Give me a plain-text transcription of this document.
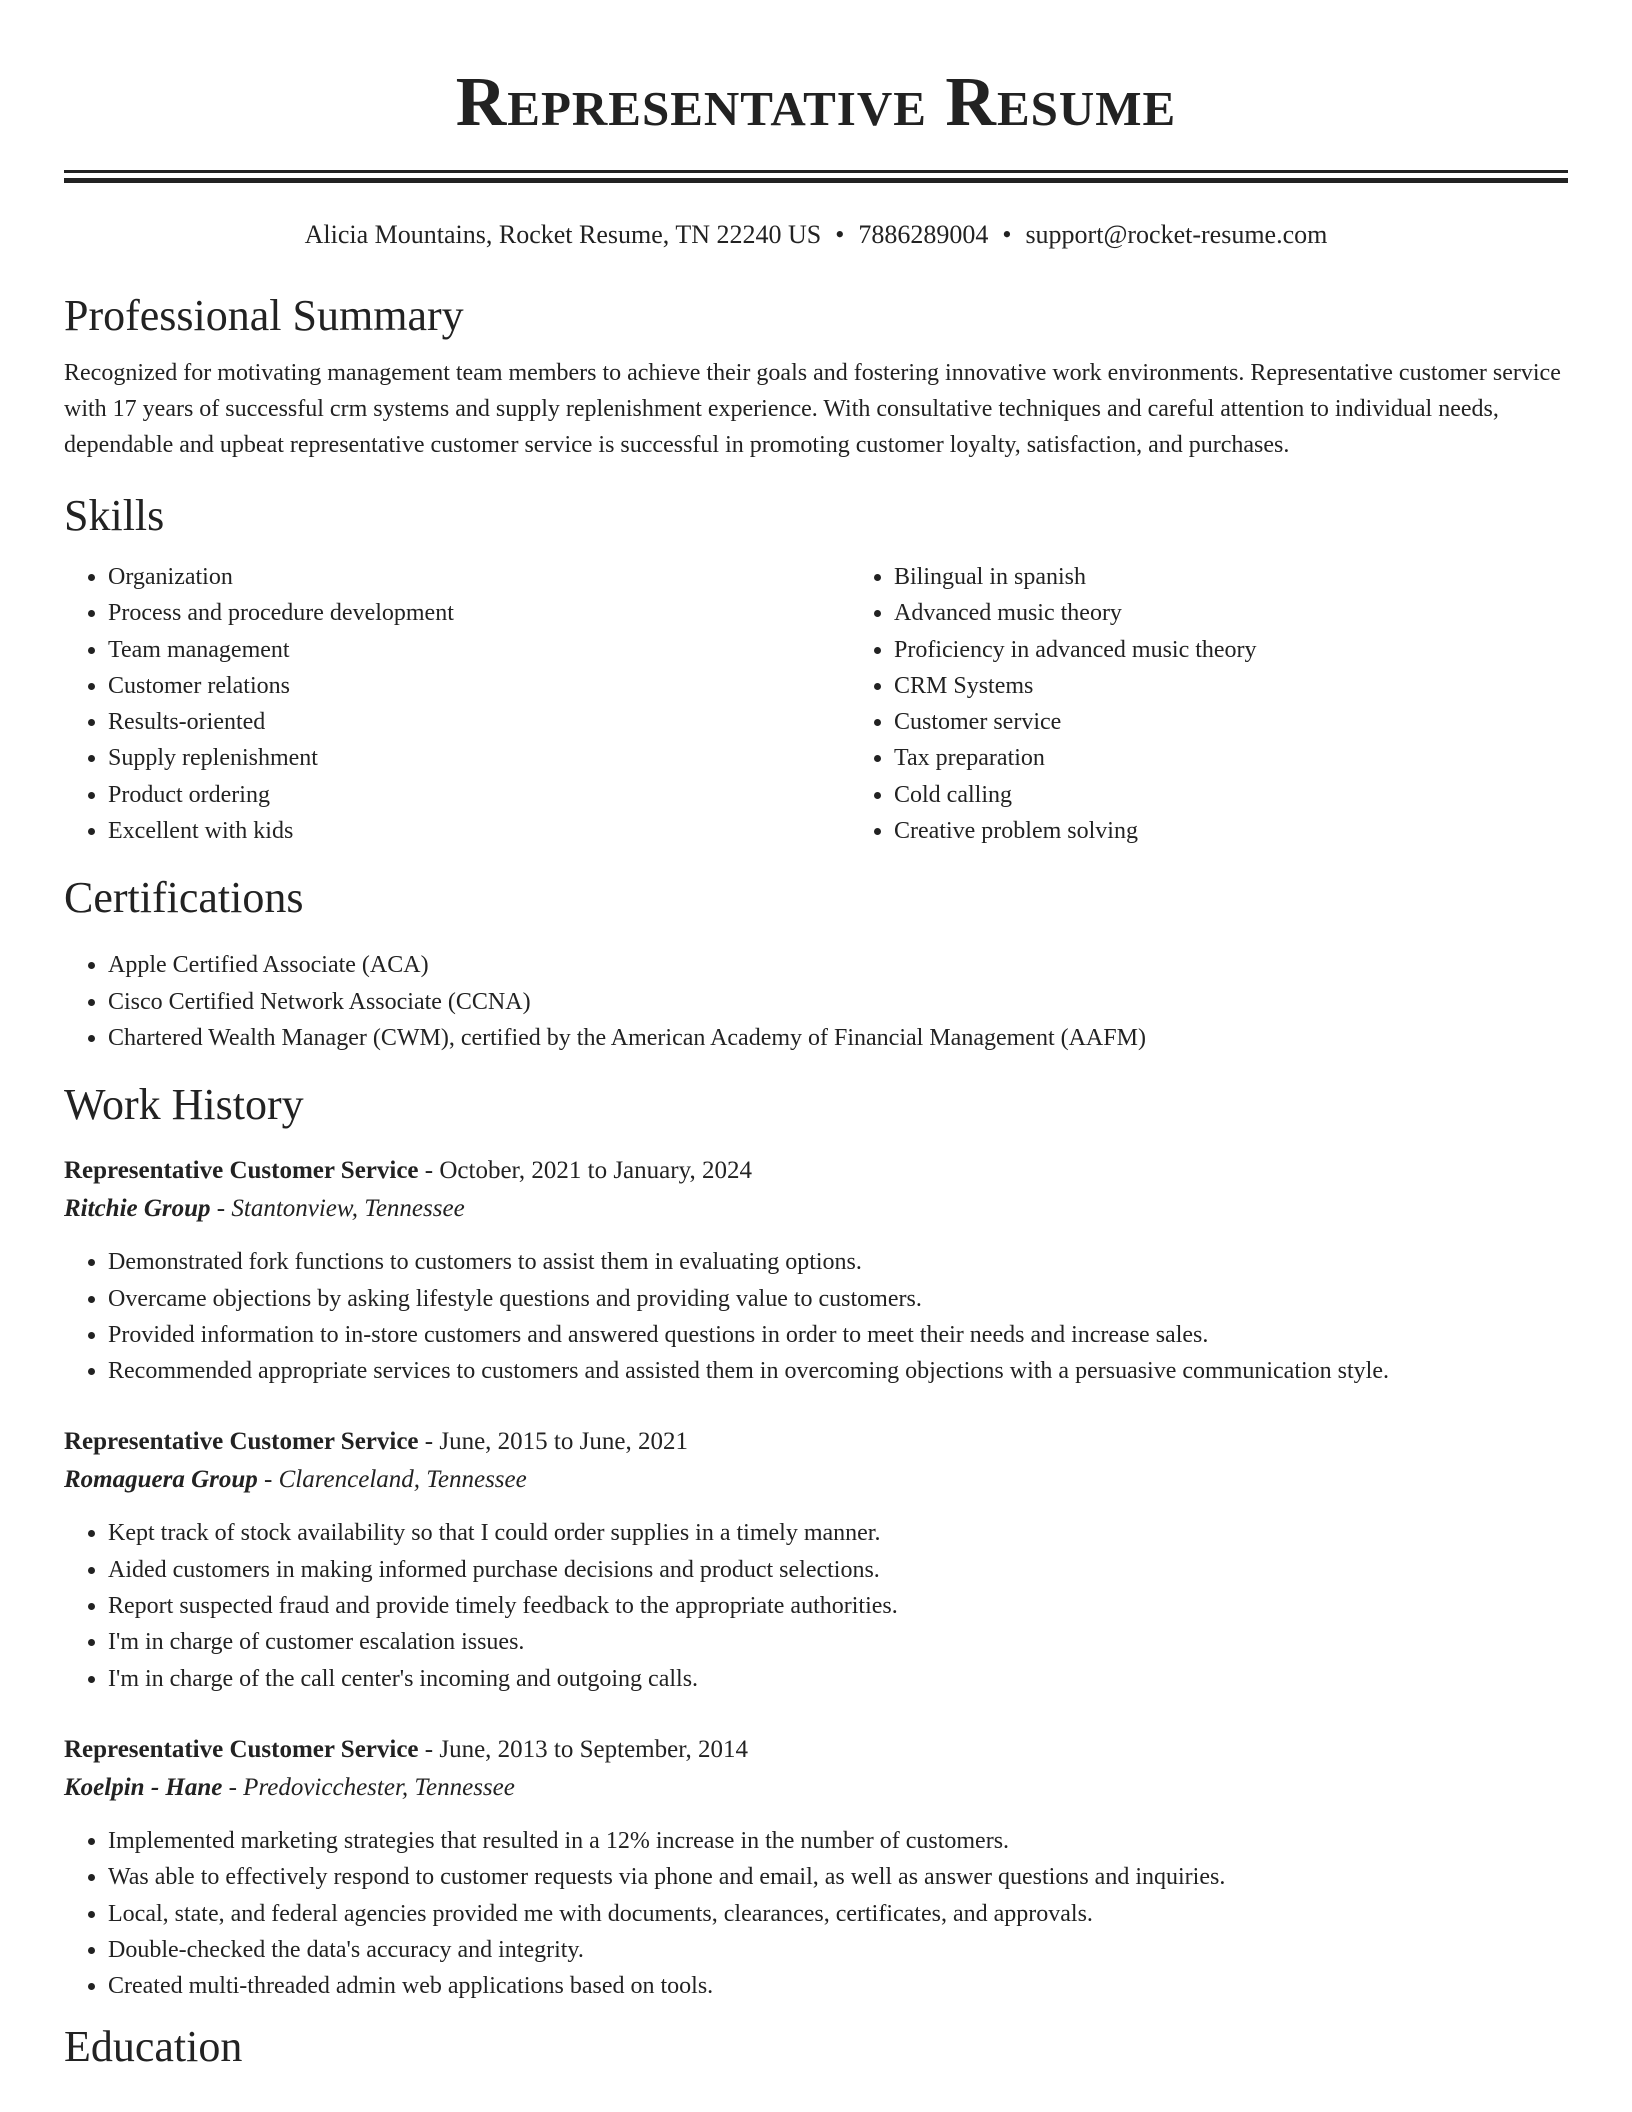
Representative Resume
Alicia Mountains, Rocket Resume, TN 22240 US • 7886289004 • support@rocket-resume.com
Professional Summary

Recognized for motivating management team members to achieve their goals and fostering innovative work environments. Representative customer service with 17 years of successful crm systems and supply replenishment experience. With consultative techniques and careful attention to individual needs, dependable and upbeat representative customer service is successful in promoting customer loyalty, satisfaction, and purchases.

Skills
• Organization
• Process and procedure development
• Team management
• Customer relations
• Results-oriented
• Supply replenishment
• Product ordering
• Excellent with kids
• Bilingual in spanish
• Advanced music theory
• Proficiency in advanced music theory
• CRM Systems
• Customer service
• Tax preparation
• Cold calling
• Creative problem solving
Certifications
• Apple Certified Associate (ACA)
• Cisco Certified Network Associate (CCNA)
• Chartered Wealth Manager (CWM), certified by the American Academy of Financial Management (AAFM)
Work History
Representative Customer Service - October, 2021 to January, 2024
Ritchie Group - Stantonview, Tennessee
• Demonstrated fork functions to customers to assist them in evaluating options.
• Overcame objections by asking lifestyle questions and providing value to customers.
• Provided information to in-store customers and answered questions in order to meet their needs and increase sales.
• Recommended appropriate services to customers and assisted them in overcoming objections with a persuasive communication style.
Representative Customer Service - June, 2015 to June, 2021
Romaguera Group - Clarenceland, Tennessee
• Kept track of stock availability so that I could order supplies in a timely manner.
• Aided customers in making informed purchase decisions and product selections.
• Report suspected fraud and provide timely feedback to the appropriate authorities.
• I'm in charge of customer escalation issues.
• I'm in charge of the call center's incoming and outgoing calls.
Representative Customer Service - June, 2013 to September, 2014
Koelpin - Hane - Predovicchester, Tennessee
• Implemented marketing strategies that resulted in a 12% increase in the number of customers.
• Was able to effectively respond to customer requests via phone and email, as well as answer questions and inquiries.
• Local, state, and federal agencies provided me with documents, clearances, certificates, and approvals.
• Double-checked the data's accuracy and integrity.
• Created multi-threaded admin web applications based on tools.
Education
